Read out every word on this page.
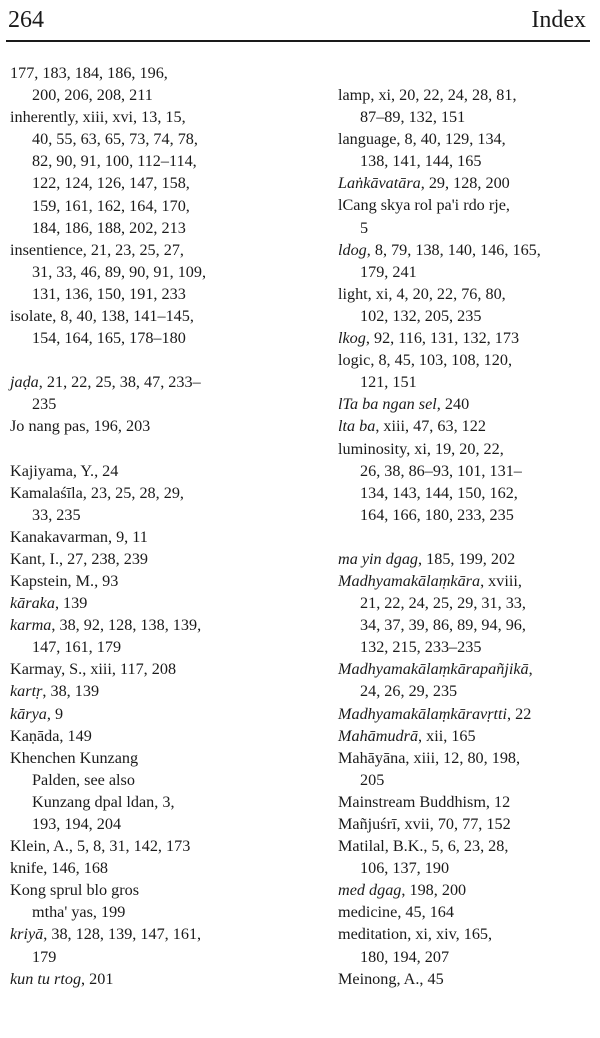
264	Index
177, 183, 184, 186, 196,
200, 206, 208, 211
inherently, xiii, xvi, 13, 15,
40, 55, 63, 65, 73, 74, 78,
82, 90, 91, 100, 112–114,
122, 124, 126, 147, 158,
159, 161, 162, 164, 170,
184, 186, 188, 202, 213
insentience, 21, 23, 25, 27,
31, 33, 46, 89, 90, 91, 109,
131, 136, 150, 191, 233
isolate, 8, 40, 138, 141–145,
154, 164, 165, 178–180
jaḍa, 21, 22, 25, 38, 47, 233–
235
Jo nang pas, 196, 203
Kajiyama, Y., 24
Kamalaśīla, 23, 25, 28, 29,
33, 235
Kanakavarman, 9, 11
Kant, I., 27, 238, 239
Kapstein, M., 93
kāraka, 139
karma, 38, 92, 128, 138, 139,
147, 161, 179
Karmay, S., xiii, 117, 208
kartṛ, 38, 139
kārya, 9
Kaṇāda, 149
Khenchen Kunzang
Palden, see also
Kunzang dpal ldan, 3,
193, 194, 204
Klein, A., 5, 8, 31, 142, 173
knife, 146, 168
Kong sprul blo gros
mtha' yas, 199
kriyā, 38, 128, 139, 147, 161,
179
kun tu rtog, 201
lamp, xi, 20, 22, 24, 28, 81,
87–89, 132, 151
language, 8, 40, 129, 134,
138, 141, 144, 165
Laṅkāvatāra, 29, 128, 200
lCang skya rol pa'i rdo rje,
5
ldog, 8, 79, 138, 140, 146, 165,
179, 241
light, xi, 4, 20, 22, 76, 80,
102, 132, 205, 235
lkog, 92, 116, 131, 132, 173
logic, 8, 45, 103, 108, 120,
121, 151
lTa ba ngan sel, 240
lta ba, xiii, 47, 63, 122
luminosity, xi, 19, 20, 22,
26, 38, 86–93, 101, 131–
134, 143, 144, 150, 162,
164, 166, 180, 233, 235
ma yin dgag, 185, 199, 202
Madhyamakālaṃkāra, xviii,
21, 22, 24, 25, 29, 31, 33,
34, 37, 39, 86, 89, 94, 96,
132, 215, 233–235
Madhyamakālaṃkārapañjikā,
24, 26, 29, 235
Madhyamakālaṃkāravṛtti, 22
Mahāmudrā, xii, 165
Mahāyāna, xiii, 12, 80, 198,
205
Mainstream Buddhism, 12
Mañjuśrī, xvii, 70, 77, 152
Matilal, B.K., 5, 6, 23, 28,
106, 137, 190
med dgag, 198, 200
medicine, 45, 164
meditation, xi, xiv, 165,
180, 194, 207
Meinong, A., 45
